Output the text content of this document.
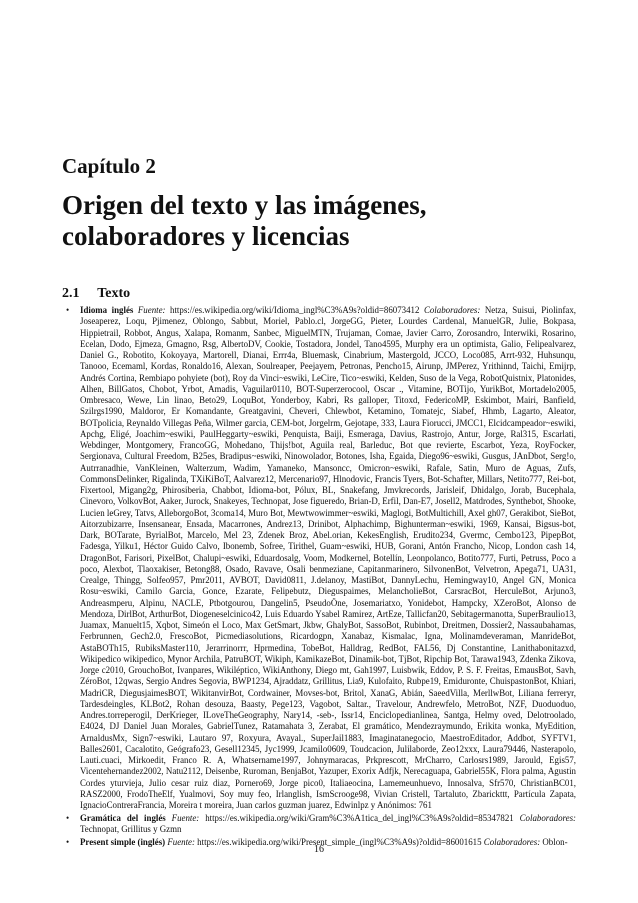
Capítulo 2
Origen del texto y las imágenes, colaboradores y licencias
2.1 Texto
• Idioma inglés Fuente: https://es.wikipedia.org/wiki/Idioma_ingl%C3%A9s?oldid=86073412 Colaboradores: Netza, Suisui, Piolinfax, Joseaperez, Loqu, Pjimenez, Oblongo, Sabbut, Moriel, Pablo.cl, JorgeGG, Pieter, Lourdes Cardenal, ManuelGR, Julie, Bokpasa, Hippietrail, Robbot, Angus, Xalapa, Romanm, Sanbec, MiguelMTN, Trujaman, Comae, Javier Carro, Zorosandro, Interwiki, Rosarino, Ecelan, Dodo, Ejmeza, Gmagno, Rsg, AlbertoDV, Cookie, Tostadora, Jondel, Tano4595, Murphy era un optimista, Galio, Felipealvarez, Daniel G., Robotito, Kokoyaya, Martorell, Dianai, Errr4a, Bluemask, Cinabrium, Mastergold, JCCO, Loco085, Arrt-932, Huhsunqu, Tanooo, Ecemaml, Kordas, Ronaldo16, Alexan, Soulreaper, Peejayem, Petronas, Pencho15, Airunp, JMPerez, Yrithinnd, Taichi, Emijrp, Andrés Cortina, Rembiapo pohyiete (bot), Roy da Vinci~eswiki, LeCire, Tico~eswiki, Kelden, Suso de la Vega, RobotQuistnix, Platonides, Alhen, BillGatos, Chobot, Yrbot, Amadis, Vaguilar0110, BOT-Superzerocool, Oscar ., Vitamine, BOTijo, YurikBot, Mortadelo2005, Ombresaco, Wewe, Lin linao, Beto29, LoquBot, Yonderboy, Kabri, Rs galloper, Titoxd, FedericoMP, Eskimbot, Mairi, Banfield, Szilrgs1990, Maldoror, Er Komandante, Greatgavini, Cheveri, Chlewbot, Ketamino, Tomatejc, Siabef, Hhmb, Lagarto, Aleator, BOTpolicia, Reynaldo Villegas Peña, Wilmer garcia, CEM-bot, Jorgelrm, Gejotape, 333, Laura Fiorucci, JMCC1, Elcidcampeador~eswiki, Apchg, Eligé, Joachim~eswiki, PaulHeggarty~eswiki, Penquista, Baiji, Esmeraga, Davius, Rastrojo, Antur, Jorge, Ral315, Escarlati, Webdinger, Montgomery, FrancoGG, Mohedano, Thijs!bot, Aguila real, Barleduc, Bot que revierte, Escarbot, Yeza, RoyFocker, Sergionava, Cultural Freedom, B25es, Bradipus~eswiki, Ninowolador, Botones, Isha, Egaida, Diego96~eswiki, Gusgus, JAnDbot, Serg!o, Autrranadhie, VanKleinen, Walterzum, Wadim, Yamaneko, Mansoncc, Omicron~eswiki, Rafale, Satin, Muro de Aguas, Zufs, CommonsDelinker, Rigalinda, TXiKiBoT, Aalvarez12, Mercenario97, Hlnodovic, Francis Tyers, Bot-Schafter, Millars, Netito777, Rei-bot, Fixertool, Migang2g, Phirosiberia, Chabbot, Idioma-bot, Pólux, BL, Snakefang, Jmvkrecords, Jarisleif, Dhidalgo, Jorab, Bucephala, Cinevoro, VolkovBot, Aaker, Jurock, Snakeyes, Technopat, Jose figueredo, Brian-D, Erfil, Dan-E7, Josell2, Matdrodes, Synthebot, Shooke, Lucien leGrey, Tatvs, AlleborgoBot, 3coma14, Muro Bot, Mewtwowimmer~eswiki, Maglogi, BotMultichill, Axel gh07, Gerakibot, SieBot, Aitorzubizarre, Insensanear, Ensada, Macarrones, Andrez13, Drinibot, Alphachimp, Bighunterman~eswiki, 1969, Kansai, Bigsus-bot, Dark, BOTarate, ByrialBot, Marcelo, Mel 23, Zdenek Broz, Abel.orian, KekesEnglish, Erudito234, Gvermc, Cembo123, PipepBot, Fadesga, Yilku1, Héctor Guido Calvo, Ibonemb, Sofree, Tirithel, Guam~eswiki, HUB, Gorani, Antón Francho, Nicop, London cash 14, DragonBot, Farisori, PixelBot, Chalupi~eswiki, Eduardosalg, Voom, Modkernel, Botellín, Leonpolanco, Botito777, Furti, Petruss, Poco a poco, Alexbot, Tlaoxakiser, Betong88, Osado, Ravave, Osali benmeziane, Capitanmarinero, SilvonenBot, Velvetron, Apega71, UA31, Crealge, Thingg, Solfeo957, Pmr2011, AVBOT, David0811, J.delanoy, MastiBot, DannyLechu, Hemingway10, Angel GN, Monica Rosu~eswiki, Camilo Garcia, Gonce, Ezarate, Felipebutz, Dieguspaimes, MelancholieBot, CarsracBot, HerculeBot, Arjuno3, Andreasmperu, Alpinu, NACLE, Ptbotgourou, Dangelin5, PseudoÖne, Josemariatxo, Yonidebot, Hampcky, XZeroBot, Alonso de Mendoza, DirlBot, ArthurBot, Diogeneselcinico42, Luis Eduardo Ysabel Ramirez, ArtEze, Tallicfan20, Sebitagermanotta, SuperBraulio13, Juamax, Manuelt15, Xqbot, Simeón el Loco, Max GetSmart, Jkbw, GhalyBot, SassoBot, Rubinbot, Dreitmen, Dossier2, Nassaubahamas, Ferbrunnen, Gech2.0, FrescoBot, Picmediasolutions, Ricardogpn, Xanabaz, Kismalac, Igna, Molinamdeveraman, ManrideBot, AstaBOTh15, RubiksMaster110, Jerarrinorrr, Hprmedina, TobeBot, Halldrag, RedBot, FAL56, Dj Constantine, Lanithabonitazxd, Wikipedico wikipedico, Mynor Archila, PatruBOT, Wikiph, KamikazeBot, Dinamik-bot, TjBot, Ripchip Bot, Tarawa1943, Zdenka Zikova, Jorge c2010, GrouchoBot, Ivanpares, Wikiléptico, WikiAnthony, Diego mt, Gah1997, Luisbwik, Eddov, P. S. F. Freitas, EmausBot, Savh, ZéroBot, 12qwas, Sergio Andres Segovia, BWP1234, Ajraddatz, Grillitus, Lia9, Kulofaito, Rubpe19, Emiduronte, ChuispastonBot, Khiari, MadriCR, DiegusjaimesBOT, WikitanvirBot, Cordwainer, Movses-bot, Britol, XanaG, Abián, SaeedVilla, MerllwBot, Liliana ferreryr, Tardesdeingles, KLBot2, Rohan desouza, Baasty, Pege123, Vagobot, Saltar., Travelour, Andrewfelo, MetroBot, NZF, Duoduoduo, Andres.torreperogil, DerKrieger, ILoveTheGeography, Nary14, -seb-, Issr14, Enciclopedianlinea, Santga, Helmy oved, Delotroolado, E4024, DJ Daniel Juan Morales, GabrielTunez, Ratamahata 3, Zerabat, El gramático, Mendezraymundo, Erikita wonka, MyEdition, ArnaldusMx, Sign7~eswiki, Lautaro 97, Roxyura, Avayal., SuperJail1883, Imaginatanegocio, MaestroEditador, Addbot, SYFTV1, Balles2601, Cacalotito, Geógrafo23, Gesell12345, Jyc1999, Jcamilo0609, Toudcacion, Julilaborde, Zeo12xxx, Laura79446, Nasterapolo, Lauti.cuaci, Mirkoedit, Franco R. A, Whatsername1997, Johnymaracas, Prkprescott, MrCharro, Carlosrs1989, Jarould, Egis57, Vicentehernandez2002, Natu2112, Deisenbe, Ruroman, BenjaBot, Yazuper, Exorix Adfjk, Nerecaguapa, Gabriel55K, Flora palma, Agustin Cordes yturvieja, Julio cesar ruiz diaz, Pornero69, Jorge pico0, Italiaeocina, Lamemeunhuevo, Innosalva, Sfr570, ChristianBC01, RASZ2000, FrodoTheElf, Yualmovi, Soy muy feo, Irlanglish, IsmScrooge98, Vivian Cristell, Tartaluto, Zbarickttt, Partícula Zapata, IgnacioContreraFrancia, Moreira t moreira, Juan carlos guzman juarez, Edwinlpz y Anónimos: 761
• Gramática del inglés Fuente: https://es.wikipedia.org/wiki/Gram%C3%A1tica_del_ingl%C3%A9s?oldid=85347821 Colaboradores: Technopat, Grillitus y Gzmn
• Present simple (inglés) Fuente: https://es.wikipedia.org/wiki/Present_simple_(ingl%C3%A9s)?oldid=86001615 Colaboradores: Oblon-
16
